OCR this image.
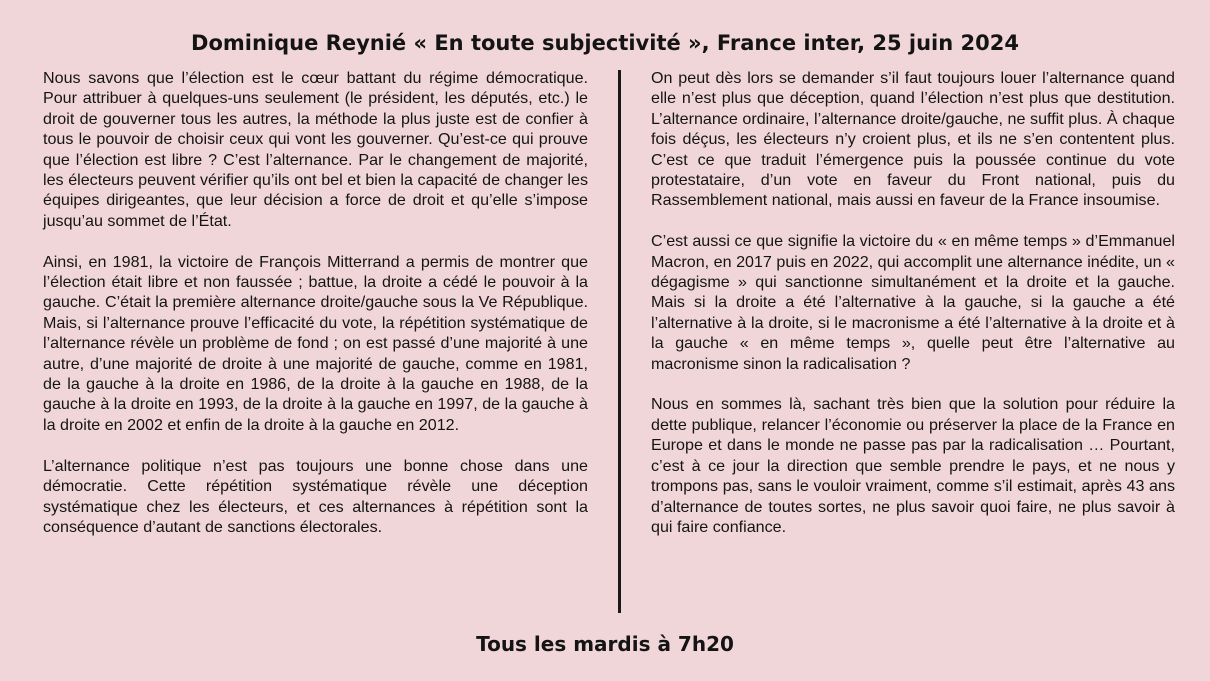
Dominique Reynié « En toute subjectivité », France inter, 25 juin 2024

Nous savons que l’élection est le cœur battant du régime démocratique. Pour attribuer à quelques-uns seulement (le président, les députés, etc.) le droit de gouverner tous les autres, la méthode la plus juste est de confier à tous le pouvoir de choisir ceux qui vont les gouverner. Qu’est-ce qui prouve que l’élection est libre ? C’est l’alternance. Par le changement de majorité, les électeurs peuvent vérifier qu’ils ont bel et bien la capacité de changer les équipes dirigeantes, que leur décision a force de droit et qu’elle s’impose jusqu’au sommet de l’État.

Ainsi, en 1981, la victoire de François Mitterrand a permis de montrer que l’élection était libre et non faussée ; battue, la droite a cédé le pouvoir à la gauche. C’était la première alternance droite/gauche sous la Ve République. Mais, si l’alternance prouve l’efficacité du vote, la répétition systématique de l’alternance révèle un problème de fond ; on est passé d’une majorité à une autre, d’une majorité de droite à une majorité de gauche, comme en 1981, de la gauche à la droite en 1986, de la droite à la gauche en 1988, de la gauche à la droite en 1993, de la droite à la gauche en 1997, de la gauche à la droite en 2002 et enfin de la droite à la gauche en 2012.

L’alternance politique n’est pas toujours une bonne chose dans une démocratie. Cette répétition systématique révèle une déception systématique chez les électeurs, et ces alternances à répétition sont la conséquence d’autant de sanctions électorales.

On peut dès lors se demander s’il faut toujours louer l’alternance quand elle n’est plus que déception, quand l’élection n’est plus que destitution. L’alternance ordinaire, l’alternance droite/gauche, ne suffit plus. À chaque fois déçus, les électeurs n’y croient plus, et ils ne s’en contentent plus. C’est ce que traduit l’émergence puis la poussée continue du vote protestataire, d’un vote en faveur du Front national, puis du Rassemblement national, mais aussi en faveur de la France insoumise.

C’est aussi ce que signifie la victoire du « en même temps » d’Emmanuel Macron, en 2017 puis en 2022, qui accomplit une alternance inédite, un « dégagisme » qui sanctionne simultanément et la droite et la gauche. Mais si la droite a été l’alternative à la gauche, si la gauche a été l’alternative à la droite, si le macronisme a été l’alternative à la droite et à la gauche « en même temps », quelle peut être l’alternative au macronisme sinon la radicalisation ?

Nous en sommes là, sachant très bien que la solution pour réduire la dette publique, relancer l’économie ou préserver la place de la France en Europe et dans le monde ne passe pas par la radicalisation … Pourtant, c’est à ce jour la direction que semble prendre le pays, et ne nous y trompons pas, sans le vouloir vraiment, comme s’il estimait, après 43 ans d’alternance de toutes sortes, ne plus savoir quoi faire, ne plus savoir à qui faire confiance.

Tous les mardis à 7h20
